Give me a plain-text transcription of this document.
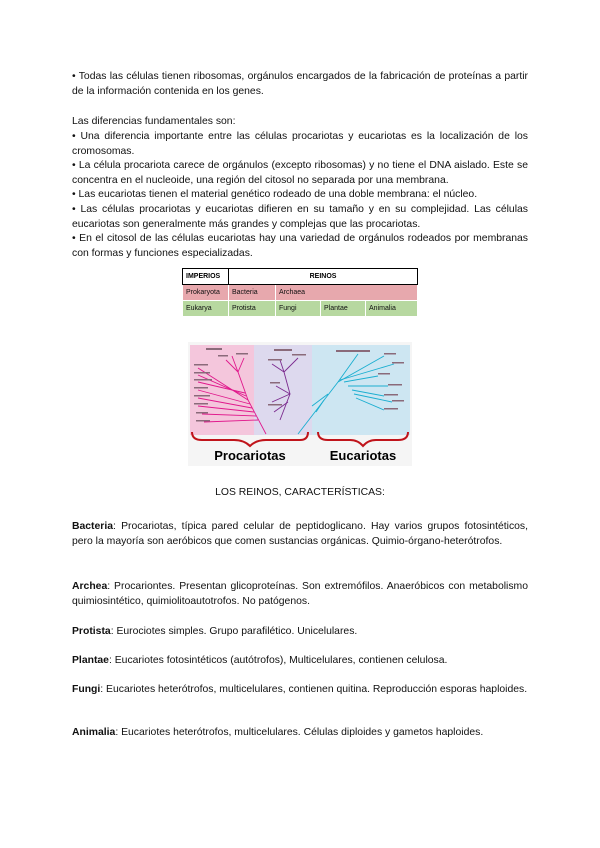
• Todas las células tienen ribosomas, orgánulos encargados de la fabricación de proteínas a partir de la información contenida en los genes.

Las diferencias fundamentales son:

• Una diferencia importante entre las células procariotas y eucariotas es la localización de los cromosomas.

• La célula procariota carece de orgánulos (excepto ribosomas) y no tiene el DNA aislado. Este se concentra en el nucleoide, una región del citosol no separada por una membrana.

• Las eucariotas tienen el material genético rodeado de una doble membrana: el núcleo.

• Las células procariotas y eucariotas difieren en su tamaño y en su complejidad. Las células eucariotas son generalmente más grandes y complejas que las procariotas.

• En el citosol de las células eucariotas hay una variedad de orgánulos rodeados por membranas con formas y funciones especializadas.

IMPERIOS	REINOS			
Prokaryota	Bacteria	Archaea		
Eukarya	Protista	Fungi	Plantae	Animalia
Procariotas	Eucariotas

LOS REINOS, CARACTERÍSTICAS:

Bacteria: Procariotas, típica pared celular de peptidoglicano. Hay varios grupos fotosintéticos, pero la mayoría son aeróbicos que comen sustancias orgánicas. Quimio-órgano-heterótrofos.

Archea: Procariontes. Presentan glicoproteínas. Son extremófilos. Anaeróbicos con metabolismo quimiosintético, quimiolitoautotrofos. No patógenos.

Protista: Eurociotes simples. Grupo parafilético. Unicelulares.

Plantae: Eucariotes fotosintéticos (autótrofos), Multicelulares, contienen celulosa.

Fungi: Eucariotes heterótrofos, multicelulares, contienen quitina. Reproducción esporas haploides.

Animalia: Eucariotes heterótrofos, multicelulares. Células diploides y gametos haploides.
